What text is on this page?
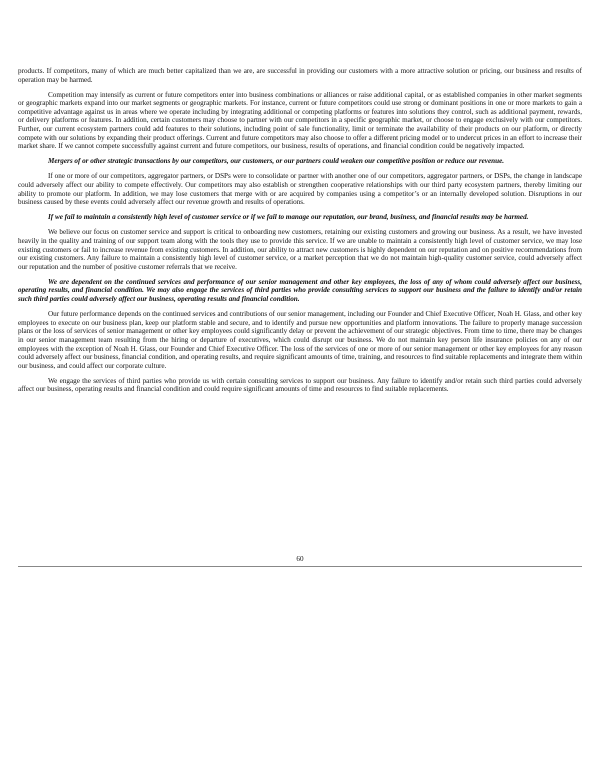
products. If competitors, many of which are much better capitalized than we are, are successful in providing our customers with a more attractive solution or pricing, our business and results of operation may be harmed.

Competition may intensify as current or future competitors enter into business combinations or alliances or raise additional capital, or as established companies in other market segments or geographic markets expand into our market segments or geographic markets. For instance, current or future competitors could use strong or dominant positions in one or more markets to gain a competitive advantage against us in areas where we operate including by integrating additional or competing platforms or features into solutions they control, such as additional payment, rewards, or delivery platforms or features. In addition, certain customers may choose to partner with our competitors in a specific geographic market, or choose to engage exclusively with our competitors. Further, our current ecosystem partners could add features to their solutions, including point of sale functionality, limit or terminate the availability of their products on our platform, or directly compete with our solutions by expanding their product offerings. Current and future competitors may also choose to offer a different pricing model or to undercut prices in an effort to increase their market share. If we cannot compete successfully against current and future competitors, our business, results of operations, and financial condition could be negatively impacted.

Mergers of or other strategic transactions by our competitors, our customers, or our partners could weaken our competitive position or reduce our revenue.

If one or more of our competitors, aggregator partners, or DSPs were to consolidate or partner with another one of our competitors, aggregator partners, or DSPs, the change in landscape could adversely affect our ability to compete effectively. Our competitors may also establish or strengthen cooperative relationships with our third party ecosystem partners, thereby limiting our ability to promote our platform. In addition, we may lose customers that merge with or are acquired by companies using a competitor’s or an internally developed solution. Disruptions in our business caused by these events could adversely affect our revenue growth and results of operations.

If we fail to maintain a consistently high level of customer service or if we fail to manage our reputation, our brand, business, and financial results may be harmed.

We believe our focus on customer service and support is critical to onboarding new customers, retaining our existing customers and growing our business. As a result, we have invested heavily in the quality and training of our support team along with the tools they use to provide this service. If we are unable to maintain a consistently high level of customer service, we may lose existing customers or fail to increase revenue from existing customers. In addition, our ability to attract new customers is highly dependent on our reputation and on positive recommendations from our existing customers. Any failure to maintain a consistently high level of customer service, or a market perception that we do not maintain high-quality customer service, could adversely affect our reputation and the number of positive customer referrals that we receive.

We are dependent on the continued services and performance of our senior management and other key employees, the loss of any of whom could adversely affect our business, operating results, and financial condition. We may also engage the services of third parties who provide consulting services to support our business and the failure to identify and/or retain such third parties could adversely affect our business, operating results and financial condition.

Our future performance depends on the continued services and contributions of our senior management, including our Founder and Chief Executive Officer, Noah H. Glass, and other key employees to execute on our business plan, keep our platform stable and secure, and to identify and pursue new opportunities and platform innovations. The failure to properly manage succession plans or the loss of services of senior management or other key employees could significantly delay or prevent the achievement of our strategic objectives. From time to time, there may be changes in our senior management team resulting from the hiring or departure of executives, which could disrupt our business. We do not maintain key person life insurance policies on any of our employees with the exception of Noah H. Glass, our Founder and Chief Executive Officer. The loss of the services of one or more of our senior management or other key employees for any reason could adversely affect our business, financial condition, and operating results, and require significant amounts of time, training, and resources to find suitable replacements and integrate them within our business, and could affect our corporate culture.

We engage the services of third parties who provide us with certain consulting services to support our business. Any failure to identify and/or retain such third parties could adversely affect our business, operating results and financial condition and could require significant amounts of time and resources to find suitable replacements.

60
